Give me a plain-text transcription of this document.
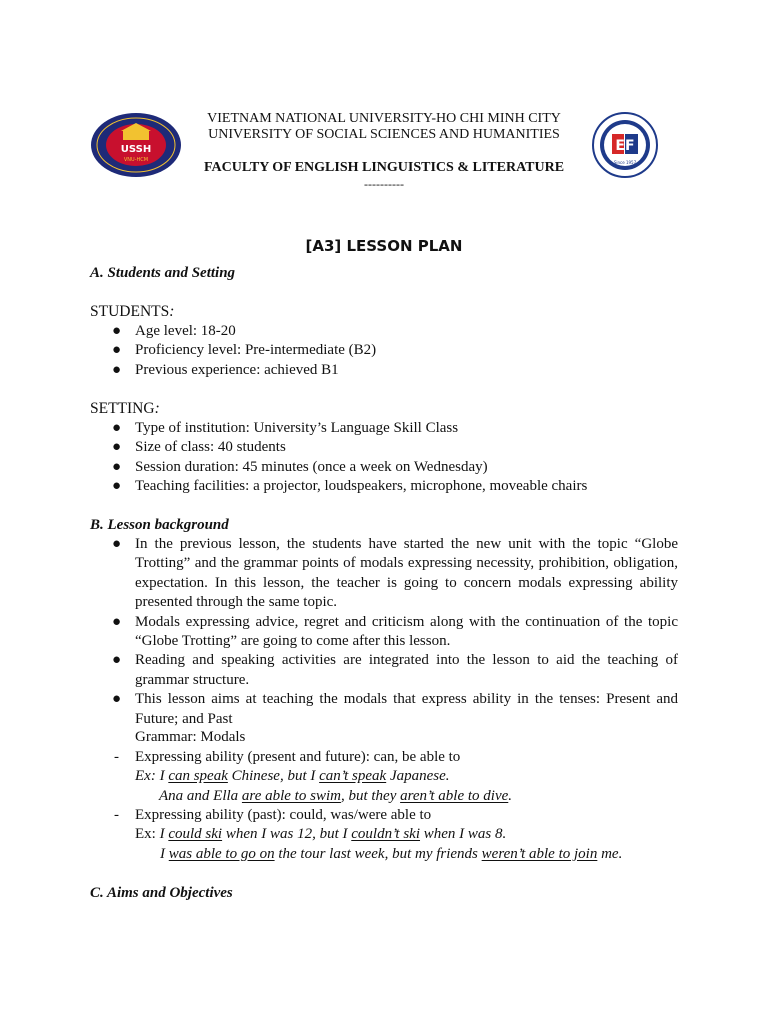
USSH
VNU-HCM
EF
Since 1957
VIETNAM NATIONAL UNIVERSITY-HO CHI MINH CITY
UNIVERSITY OF SOCIAL SCIENCES AND HUMANITIES
FACULTY OF ENGLISH LINGUISTICS & LITERATURE
----------
[A3] LESSON PLAN
A. Students and Setting
STUDENTS:
● Age level: 18-20
● Proficiency level: Pre-intermediate (B2)
● Previous experience: achieved B1
SETTING:
● Type of institution: University’s Language Skill Class
● Size of class: 40 students
● Session duration: 45 minutes (once a week on Wednesday)
● Teaching facilities: a projector, loudspeakers, microphone, moveable chairs
B. Lesson background
● In the previous lesson, the students have started the new unit with the topic “Globe Trotting” and the grammar points of modals expressing necessity, prohibition, obligation, expectation. In this lesson, the teacher is going to concern modals expressing ability presented through the same topic.
● Modals expressing advice, regret and criticism along with the continuation of the topic “Globe Trotting” are going to come after this lesson.
● Reading and speaking activities are integrated into the lesson to aid the teaching of grammar structure.
● This lesson aims at teaching the modals that express ability in the tenses: Present and Future; and Past
Grammar: Modals
- Expressing ability (present and future): can, be able to
Ex: I can speak Chinese, but I can’t speak Japanese.
Ana and Ella are able to swim, but they aren’t able to dive.
- Expressing ability (past): could, was/were able to
Ex: I could ski when I was 12, but I couldn’t ski when I was 8.
I was able to go on the tour last week, but my friends weren’t able to join me.
C. Aims and Objectives
